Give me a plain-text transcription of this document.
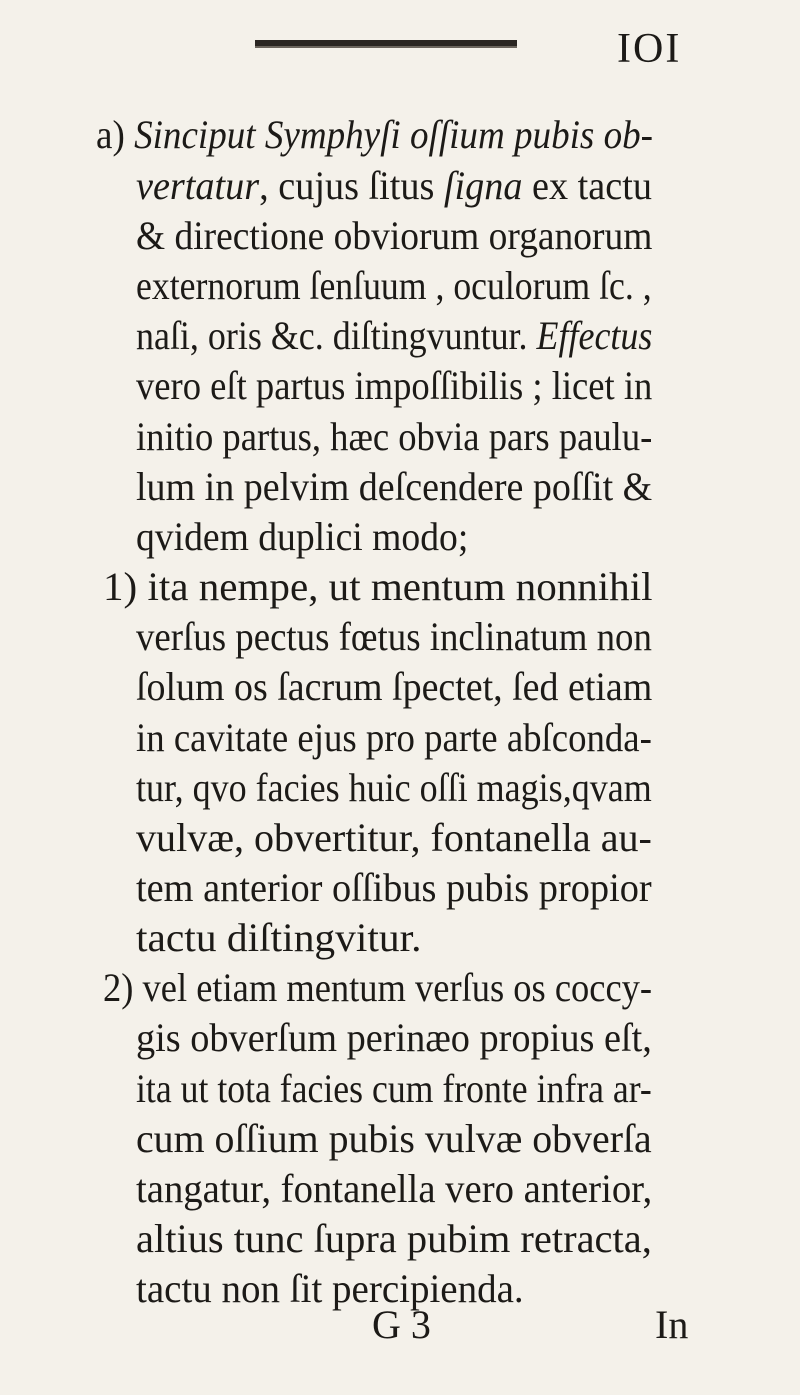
IOI
a) Sinciput Symphyſi oſſium pubis ob-
vertatur, cujus ſitus ſigna ex tactu
& directione obviorum organorum
externorum ſenſuum , oculorum ſc. ,
naſi, oris &c. diſtingvuntur. Effectus
vero eſt partus impoſſibilis ; licet in
initio partus, hæc obvia pars paulu-
lum in pelvim deſcendere poſſit &
qvidem duplici modo;
1) ita nempe, ut mentum nonnihil
verſus pectus fœtus inclinatum non
ſolum os ſacrum ſpectet, ſed etiam
in cavitate ejus pro parte abſconda-
tur, qvo facies huic oſſi magis,qvam
vulvæ, obvertitur, fontanella au-
tem anterior oſſibus pubis propior
tactu diſtingvitur.
2) vel etiam mentum verſus os coccy-
gis obverſum perinæo propius eſt,
ita ut tota facies cum fronte infra ar-
cum oſſium pubis vulvæ obverſa
tangatur, fontanella vero anterior,
altius tunc ſupra pubim retracta,
tactu non ſit percipienda.
G 3	In
